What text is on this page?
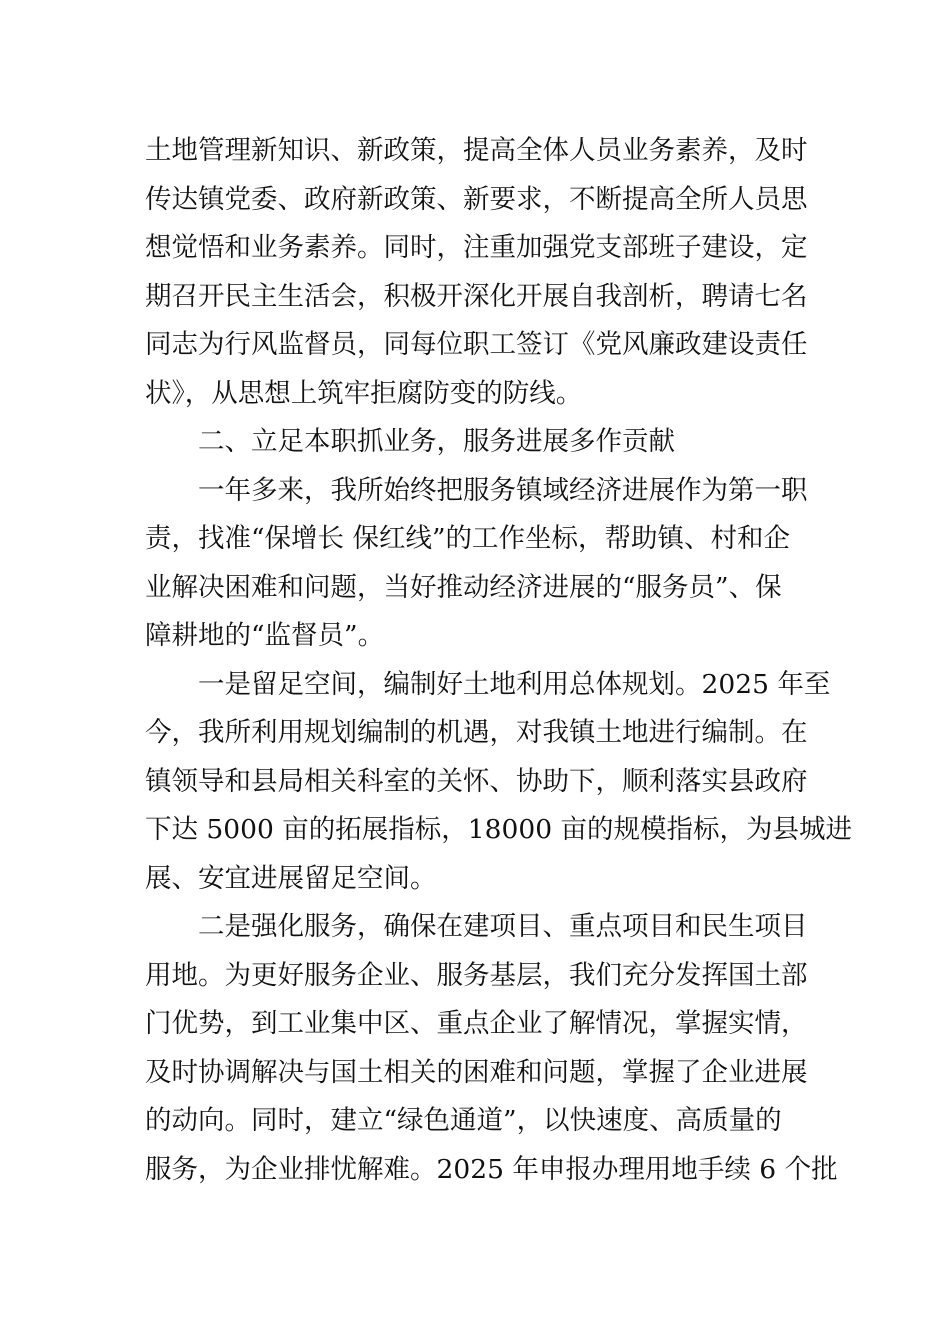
土地管理新知识、新政策，提高全体人员业务素养，及时
传达镇党委、政府新政策、新要求，不断提高全所人员思
想觉悟和业务素养。同时，注重加强党支部班子建设，定
期召开民主生活会，积极开深化开展自我剖析，聘请七名
同志为行风监督员，同每位职工签订《党风廉政建设责任
状》，从思想上筑牢拒腐防变的防线。
二、立足本职抓业务，服务进展多作贡献
一年多来，我所始终把服务镇域经济进展作为第一职
责，找准“保增长 保红线”的工作坐标，帮助镇、村和企
业解决困难和问题，当好推动经济进展的“服务员”、保
障耕地的“监督员”。
一是留足空间，编制好土地利用总体规划。2025 年至
今，我所利用规划编制的机遇，对我镇土地进行编制。在
镇领导和县局相关科室的关怀、协助下，顺利落实县政府
下达 5000 亩的拓展指标，18000 亩的规模指标，为县城进
展、安宜进展留足空间。
二是强化服务，确保在建项目、重点项目和民生项目
用地。为更好服务企业、服务基层，我们充分发挥国土部
门优势，到工业集中区、重点企业了解情况，掌握实情，
及时协调解决与国土相关的困难和问题，掌握了企业进展
的动向。同时，建立“绿色通道”，以快速度、高质量的
服务，为企业排忧解难。2025 年申报办理用地手续 6 个批
